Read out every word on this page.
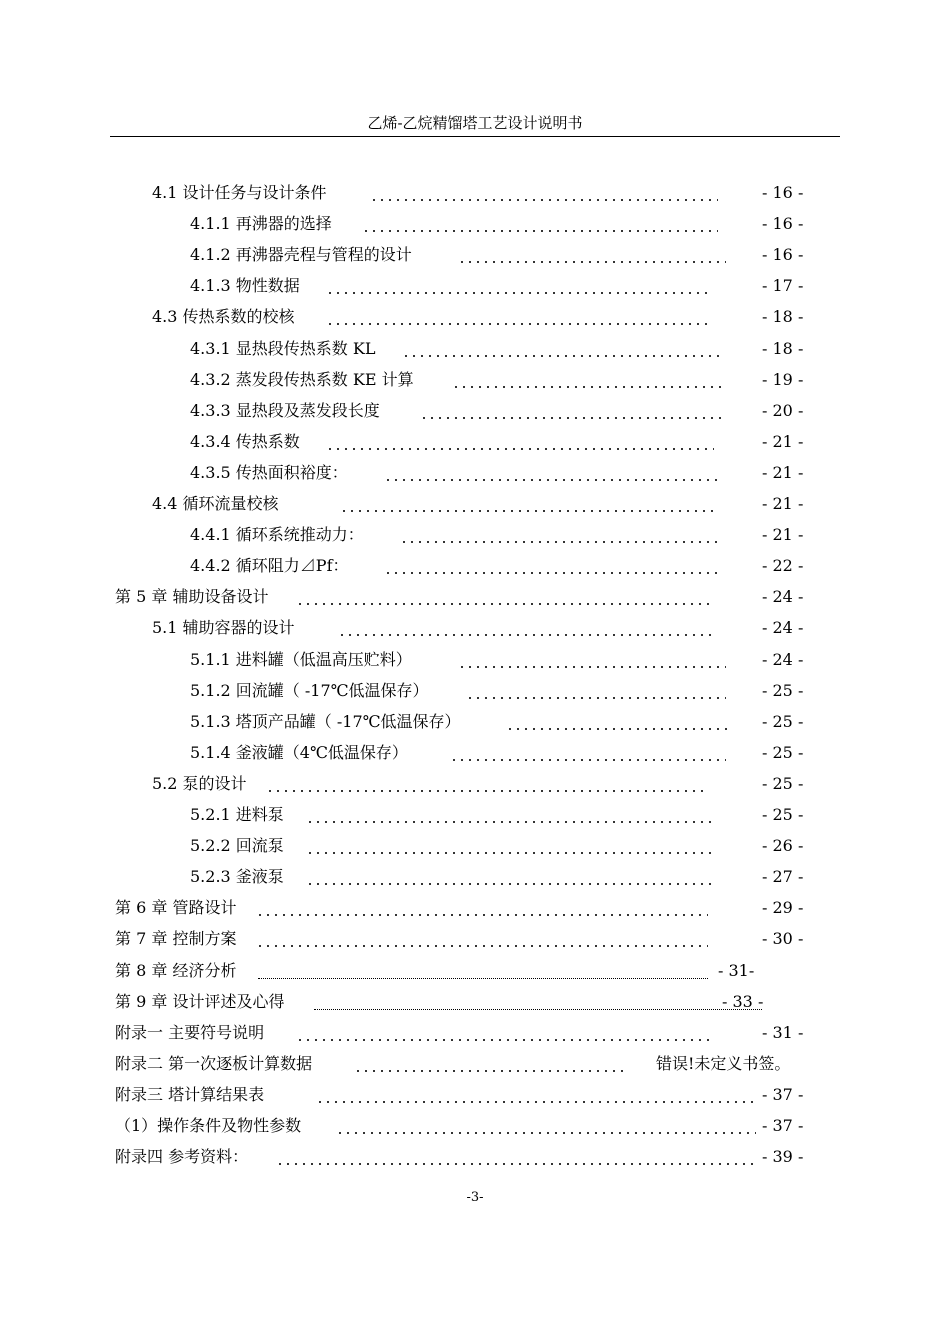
乙烯-乙烷精馏塔工艺设计说明书
4.1 设计任务与设计条件	- 16 -
4.1.1 再沸器的选择	- 16 -
4.1.2 再沸器壳程与管程的设计	- 16 -
4.1.3 物性数据	- 17 -
4.3 传热系数的校核	- 18 -
4.3.1 显热段传热系数 KL	- 18 -
4.3.2 蒸发段传热系数 KE 计算	- 19 -
4.3.3 显热段及蒸发段长度	- 20 -
4.3.4 传热系数	- 21 -
4.3.5 传热面积裕度：	- 21 -
4.4 循环流量校核	- 21 -
4.4.1 循环系统推动力：	- 21 -
4.4.2 循环阻力⊿Pf：	- 22 -
第 5 章 辅助设备设计	- 24 -
5.1 辅助容器的设计	- 24 -
5.1.1 进料罐（低温高压贮料）	- 24 -
5.1.2 回流罐（ -17℃低温保存）	- 25 -
5.1.3 塔顶产品罐（ -17℃低温保存）	- 25 -
5.1.4 釜液罐（4℃低温保存）	- 25 -
5.2 泵的设计	- 25 -
5.2.1 进料泵	- 25 -
5.2.2 回流泵	- 26 -
5.2.3 釜液泵	- 27 -
第 6 章 管路设计	- 29 -
第 7 章 控制方案	- 30 -
第 8 章 经济分析	- 31-
第 9 章 设计评述及心得	- 33 -
附录一 主要符号说明	- 31 -
附录二 第一次逐板计算数据	错误!未定义书签。
附录三 塔计算结果表	- 37 -
（1）操作条件及物性参数	- 37 -
附录四 参考资料：	- 39 -
-3-
